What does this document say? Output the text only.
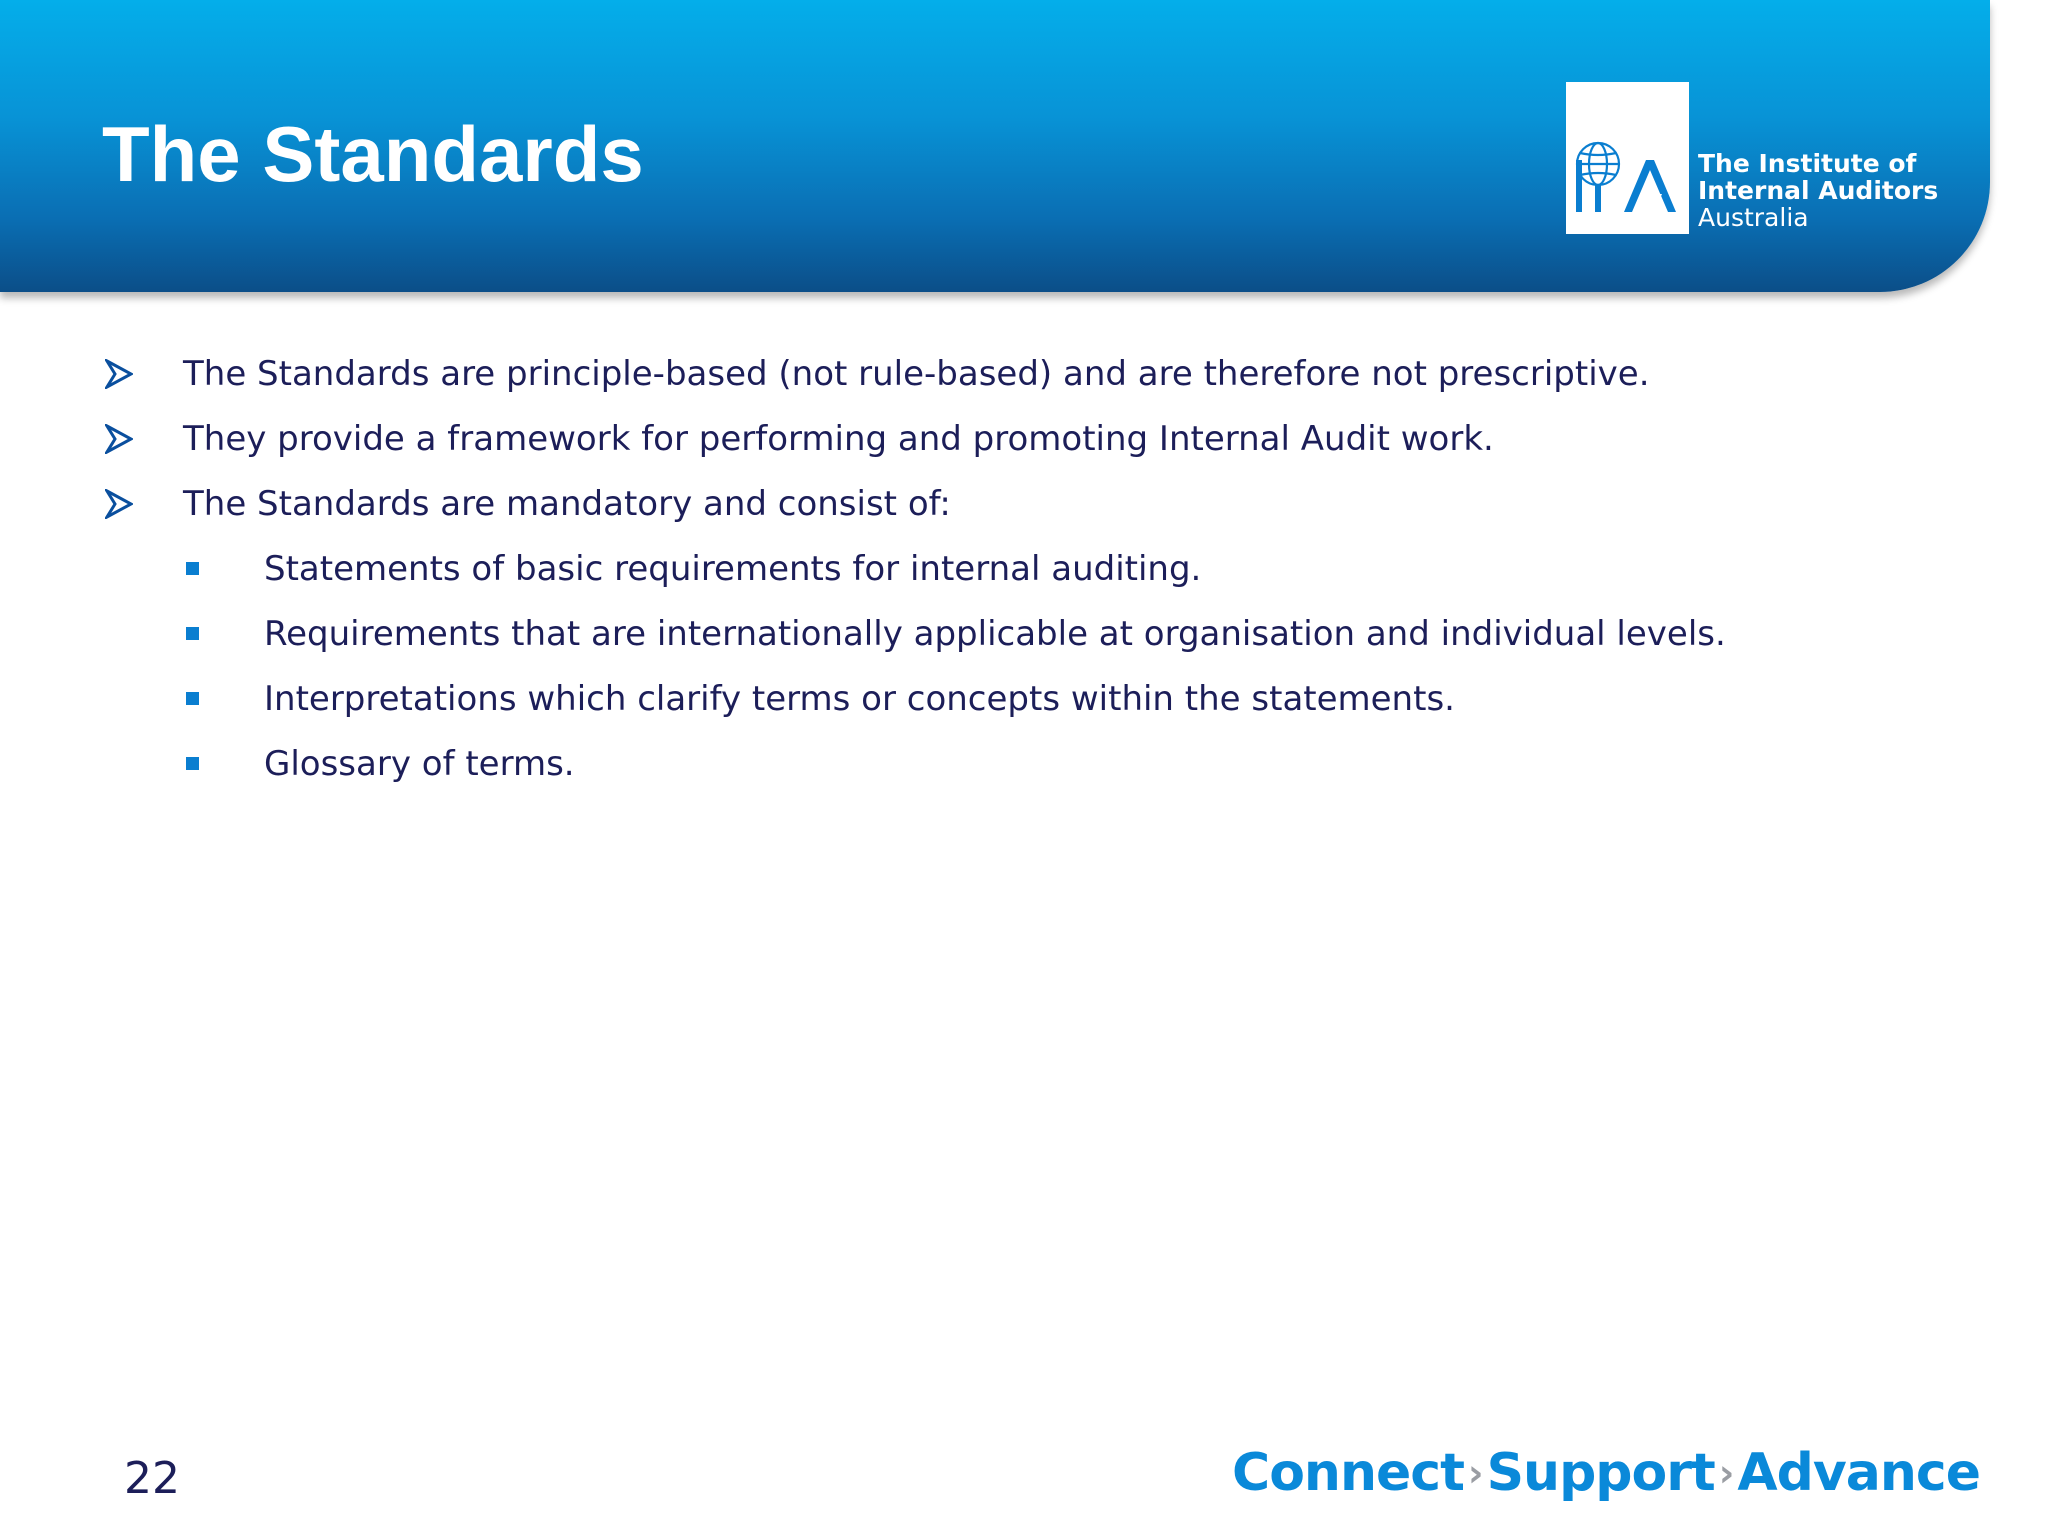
The Standards	The Institute of
Internal Auditors
Australia
The Standards are principle-based (not rule-based) and are therefore not prescriptive.
They provide a framework for performing and promoting Internal Audit work.
The Standards are mandatory and consist of:
Statements of basic requirements for internal auditing.
Requirements that are internationally applicable at organisation and individual levels.
Interpretations which clarify terms or concepts within the statements.
Glossary of terms.
22	Connect ›Support ›Advance
